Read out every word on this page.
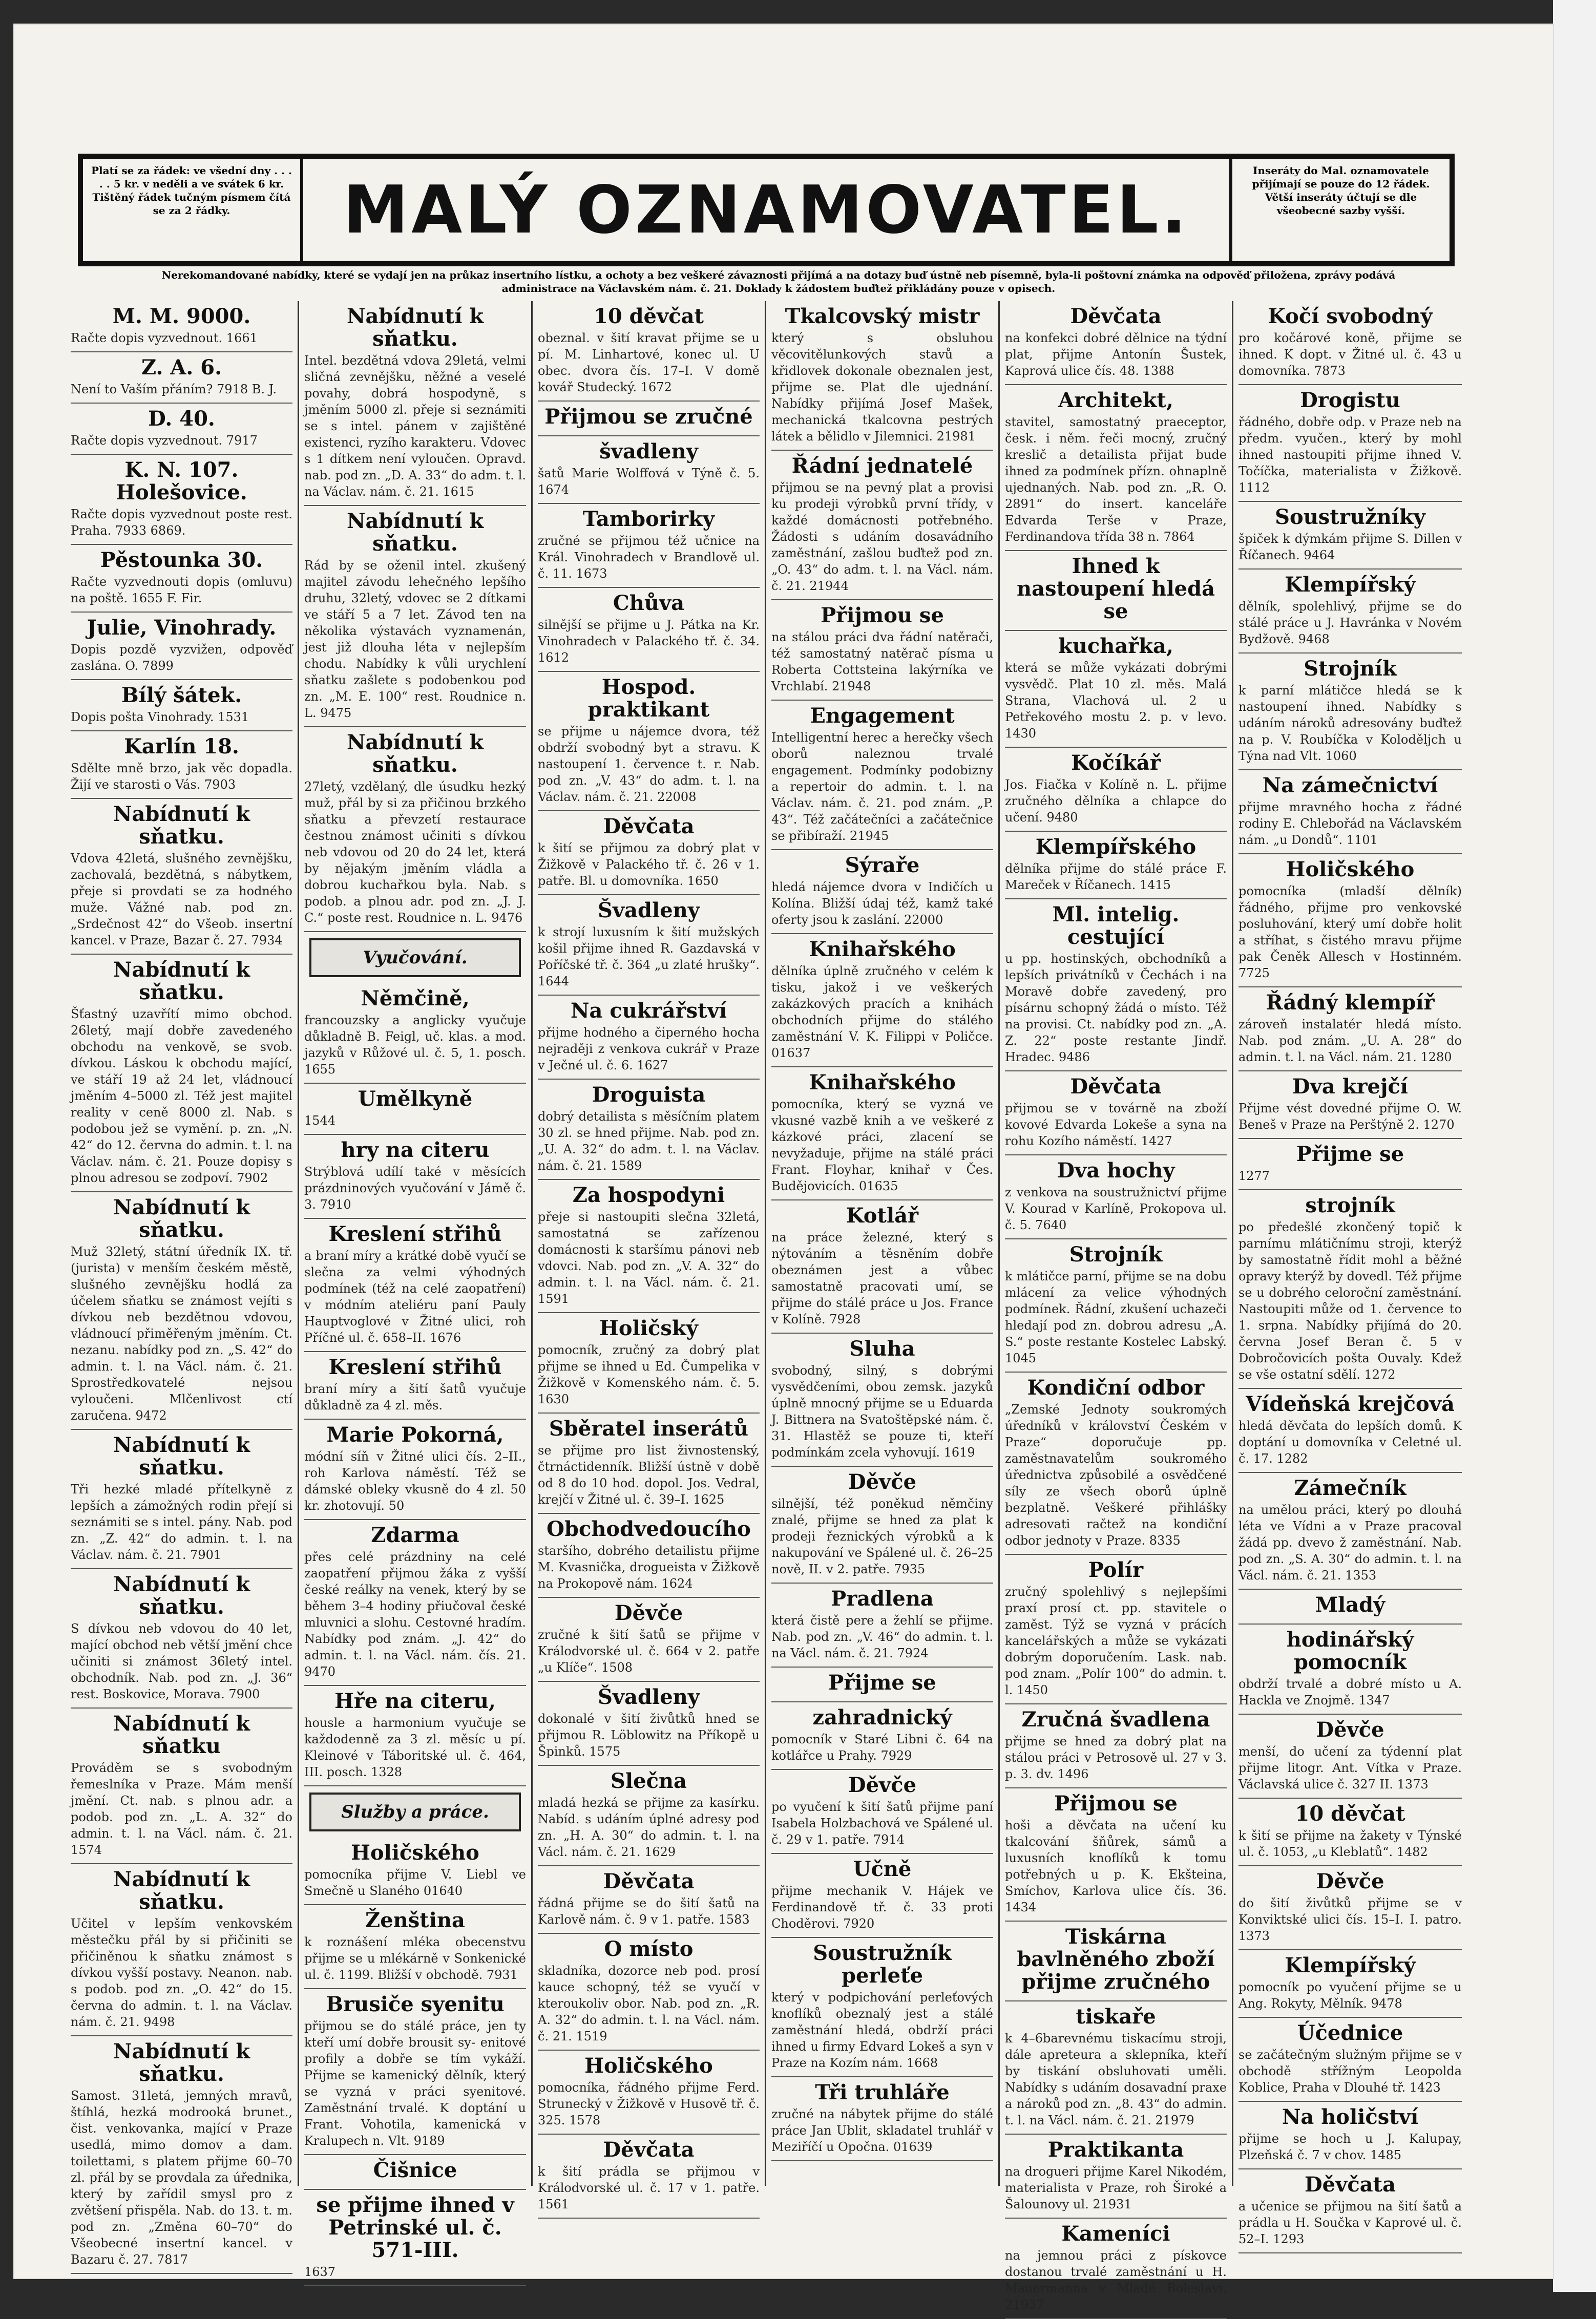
Platí se za řádek: ve všední dny . . . . . 5 kr. v neděli a ve svátek 6 kr. Tištěný řádek tučným písmem čítá se za 2 řádky.	MALÝ OZNAMOVATEL.
Inseráty do Mal. oznamovatele přijímají se pouze do 12 řádek. Větší inseráty účtují se dle všeobecné sazby vyšší.
Nerekomandované nabídky, které se vydají jen na průkaz insertního lístku, a ochoty a bez veškeré závaznosti přijímá a na dotazy buď ústně neb písemně, byla-li poštovní známka na odpověď přiložena, zprávy podává administrace na Václavském nám. č. 21. Doklady k žádostem buďtež přikládány pouze v opisech.
M. M. 9000.

Račte dopis vyzvednout. 1661

Z. A. 6.

Není to Vaším přáním? 7918 B. J.

D. 40.

Račte dopis vyzvednout. 7917

K. N. 107. Holešovice.

Račte dopis vyzvednout poste rest. Praha. 7933 6869.

Pěstounka 30.

Račte vyzvednouti dopis (omluvu) na poště. 1655 F. Fir.

Julie, Vinohrady.

Dopis pozdě vyzvižen, odpověď zaslána. O. 7899

Bílý šátek.

Dopis pošta Vinohrady. 1531

Karlín 18.

Sdělte mně brzo, jak věc dopadla. Žijí ve starosti o Vás. 7903

Nabídnutí k sňatku.

Vdova 42letá, slušného zevnějšku, zachovalá, bezdětná, s nábytkem, přeje si provdati se za hodného muže. Vážné nab. pod zn. „Srdečnost 42“ do Všeob. insertní kancel. v Praze, Bazar č. 27. 7934

Nabídnutí k sňatku.

Šťastný uzavřítí mimo obchod. 26letý, mají dobře zavedeného obchodu na venkově, se svob. dívkou. Láskou k obchodu mající, ve stáří 19 až 24 let, vládnoucí jměním 4–5000 zl. Též jest majitel reality v ceně 8000 zl. Nab. s podobou jež se vymění. p. zn. „N. 42“ do 12. června do admin. t. l. na Václav. nám. č. 21. Pouze dopisy s plnou adresou se zodpoví. 7902

Nabídnutí k sňatku.

Muž 32letý, státní úředník IX. tř. (jurista) v menším českém městě, slušného zevnějšku hodlá za účelem sňatku se známost vejíti s dívkou neb bezdětnou vdovou, vládnoucí přiměřeným jměním. Ct. nezanu. nabídky pod zn. „S. 42“ do admin. t. l. na Václ. nám. č. 21. Sprostředkovatelé nejsou vyloučeni. Mlčenlivost ctí zaručena. 9472

Nabídnutí k sňatku.

Tři hezké mladé přítelkyně z lepších a zámožných rodin přejí si seznámiti se s intel. pány. Nab. pod zn. „Z. 42“ do admin. t. l. na Václav. nám. č. 21. 7901

Nabídnutí k sňatku.

S dívkou neb vdovou do 40 let, mající obchod neb větší jmění chce učiniti si známost 36letý intel. obchodník. Nab. pod zn. „J. 36“ rest. Boskovice, Morava. 7900

Nabídnutí k sňatku

Prováděm se s svobodným řemeslníka v Praze. Mám menší jmění. Ct. nab. s plnou adr. a podob. pod zn. „L. A. 32“ do admin. t. l. na Václ. nám. č. 21. 1574

Nabídnutí k sňatku.

Učitel v lepším venkovském městečku přál by si přičiniti se přičiněnou k sňatku známost s dívkou vyšší postavy. Neanon. nab. s podob. pod zn. „O. 42“ do 15. června do admin. t. l. na Václav. nám. č. 21. 9498

Nabídnutí k sňatku.

Samost. 31letá, jemných mravů, štíhlá, hezká modrooká brunet., čist. venkovanka, mající v Praze usedlá, mimo domov a dam. toilettami, s platem přijme 60–70 zl. přál by se provdala za úřednika, který by zařídil smysl pro z zvětšení přispěla. Nab. do 13. t. m. pod zn. „Změna 60–70“ do Všeobecné insertní kancel. v Bazaru č. 27. 7817

Nabídnutí k sňatku.

Intel. bezdětná vdova 29letá, velmi sličná zevnějšku, něžné a veselé povahy, dobrá hospodyně, s jměním 5000 zl. přeje si seznámiti se s intel. pánem v zajištěné existenci, ryzího karakteru. Vdovec s 1 dítkem není vyloučen. Opravd. nab. pod zn. „D. A. 33“ do adm. t. l. na Václav. nám. č. 21. 1615

Nabídnutí k sňatku.

Rád by se oženil intel. zkušený majitel závodu lehečného lepšího druhu, 32letý, vdovec se 2 dítkami ve stáří 5 a 7 let. Závod ten na několika výstavách vyznamenán, jest již dlouha léta v nejlepším chodu. Nabídky k vůli urychlení sňatku zašlete s podobenkou pod zn. „M. E. 100“ rest. Roudnice n. L. 9475

Nabídnutí k sňatku.

27letý, vzdělaný, dle úsudku hezký muž, přál by si za přičinou brzkého sňatku a převzetí restaurace čestnou známost učiniti s dívkou neb vdovou od 20 do 24 let, která by nějakým jměním vládla a dobrou kuchařkou byla. Nab. s podob. a plnou adr. pod zn. „J. J. C.“ poste rest. Roudnice n. L. 9476

Vyučování.
Němčině,

francouzsky a anglicky vyučuje důkladně B. Feigl, uč. klas. a mod. jazyků v Růžové ul. č. 5, 1. posch. 1655

Umělkyně

1544

hry na citeru

Strýblová udílí také v měsících prázdninových vyučování v Jámě č. 3. 7910

Kreslení střihů

a braní míry a krátké době vyučí se slečna za velmi výhodných podmínek (též na celé zaopatření) v módním ateliéru paní Pauly Hauptvoglové v Žitné ulici, roh Příčné ul. č. 658–II. 1676

Kreslení střihů

braní míry a šití šatů vyučuje důkladně za 4 zl. měs.

Marie Pokorná,

módní síň v Žitné ulici čís. 2–II., roh Karlova náměstí. Též se dámské obleky vkusně do 4 zl. 50 kr. zhotovují. 50

Zdarma

přes celé prázdniny na celé zaopatření přijmou žáka z vyšší české reálky na venek, který by se během 3–4 hodiny přiučoval české mluvnici a slohu. Cestovné hradím. Nabídky pod znám. „J. 42“ do admin. t. l. na Václ. nám. čís. 21. 9470

Hře na citeru,

housle a harmonium vyučuje se každodenně za 3 zl. měsíc u pí. Kleinové v Táboritské ul. č. 464, III. posch. 1328

Služby a práce.
Holičského

pomocníka přijme V. Liebl ve Smečně u Slaného 01640

Ženština

k roznášení mléka obecenstvu přijme se u mlékárně v Sonkenické ul. č. 1199. Bližší v obchodě. 7931

Brusiče syenitu

přijmou se do stálé práce, jen ty kteří umí dobře brousit sy- enitové profily a dobře se tím vykáží. Přijme se kamenický dělník, který se vyzná v práci syenitové. Zaměstnání trvalé. K doptání u Frant. Vohotila, kamenická v Kralupech n. Vlt. 9189

Čišnice
se přijme ihned v Petrinské ul. č. 571-III.

1637

10 děvčat

obeznal. v šití kravat přijme se u pí. M. Linhartové, konec ul. U obec. dvora čís. 17–I. V domě kovář Studecký. 1672

Přijmou se zručné
švadleny

šatů Marie Wolffová v Týně č. 5. 1674

Tamborirky

zručné se přijmou též učnice na Král. Vinohradech v Brandlově ul. č. 11. 1673

Chůva

silnější se přijme u J. Pátka na Kr. Vinohradech v Palackého tř. č. 34. 1612

Hospod. praktikant

se přijme u nájemce dvora, též obdrží svobodný byt a stravu. K nastoupení 1. července t. r. Nab. pod zn. „V. 43“ do adm. t. l. na Václav. nám. č. 21. 22008

Děvčata

k šití se přijmou za dobrý plat v Žižkově v Palackého tř. č. 26 v 1. patře. Bl. u domovníka. 1650

Švadleny

k strojí luxusním k šití mužských košil přijme ihned R. Gazdavská v Poříčské tř. č. 364 „u zlaté hrušky“. 1644

Na cukrářství

přijme hodného a čiperného hocha nejraději z venkova cukrář v Praze v Ječné ul. č. 6. 1627

Droguista

dobrý detailista s měsíčním platem 30 zl. se hned přijme. Nab. pod zn. „U. A. 32“ do adm. t. l. na Václav. nám. č. 21. 1589

Za hospodyni

přeje si nastoupiti slečna 32letá, samostatná se zařízenou domácnosti k staršímu pánovi neb vdovci. Nab. pod zn. „V. A. 32“ do admin. t. l. na Václ. nám. č. 21. 1591

Holičský

pomocník, zručný za dobrý plat přijme se ihned u Ed. Čumpelika v Žižkově v Komenského nám. č. 5. 1630

Sběratel inserátů

se přijme pro list živnostenský, čtrnáctidenník. Bližší ústně v době od 8 do 10 hod. dopol. Jos. Vedral, krejčí v Žitné ul. č. 39–I. 1625

Obchodvedoucího

staršího, dobrého detailistu přijme M. Kvasnička, drogueista v Žižkově na Prokopově nám. 1624

Děvče

zručné k šití šatů se přijme v Králodvorské ul. č. 664 v 2. patře „u Klíče“. 1508

Švadleny

dokonalé v šití živůtků hned se přijmou R. Löblowitz na Příkopě u Špinků. 1575

Slečna

mladá hezká se přijme za kasírku. Nabíd. s udáním úplné adresy pod zn. „H. A. 30“ do admin. t. l. na Václ. nám. č. 21. 1629

Děvčata

řádná přijme se do šití šatů na Karlově nám. č. 9 v 1. patře. 1583

O místo

skladníka, dozorce neb pod. prosí kauce schopný, též se vyučí v kteroukoliv obor. Nab. pod zn. „R. A. 32“ do admin. t. l. na Václ. nám. č. 21. 1519

Holičského

pomocníka, řádného přijme Ferd. Strunecký v Žižkově v Husově tř. č. 325. 1578

Děvčata

k šití prádla se přijmou v Králodvorské ul. č. 17 v 1. patře. 1561

Tkalcovský mistr

který s obsluhou věcovitělunkových stavů a křidlovek dokonale obeznalen jest, přijme se. Plat dle ujednání. Nabídky přijímá Josef Mašek, mechanická tkalcovna pestrých látek a bělidlo v Jilemnici. 21981

Řádní jednatelé

přijmou se na pevný plat a provisi ku prodeji výrobků první třídy, v každé domácnosti potřebného. Žádosti s udáním dosavádního zaměstnání, zašlou buďtež pod zn. „O. 43“ do adm. t. l. na Václ. nám. č. 21. 21944

Přijmou se

na stálou práci dva řádní natěrači, též samostatný natěrač písma u Roberta Cottsteina lakýrníka ve Vrchlabí. 21948

Engagement

Intelligentní herec a herečky všech oborů naleznou trvalé engagement. Podmínky podobizny a repertoir do admin. t. l. na Václav. nám. č. 21. pod znám. „P. 43“. Též začátečníci a začátečnice se přibíraží. 21945

Sýraře

hledá nájemce dvora v Indičích u Kolína. Bližší údaj též, kamž také oferty jsou k zaslání. 22000

Knihařského

dělníka úplně zručného v celém k tisku, jakož i ve veškerých zakázkových pracích a knihách obchodních přijme do stálého zaměstnání V. K. Filippi v Poličce. 01637

Knihařského

pomocníka, který se vyzná ve vkusné vazbě knih a ve veškeré z kázkové práci, zlacení se nevyžaduje, přijme na stálé práci Frant. Floyhar, knihař v Čes. Budějovicích. 01635

Kotlář

na práce železné, který s nýtováním a těsněním dobře obeznámen jest a vůbec samostatně pracovati umí, se přijme do stálé práce u Jos. France v Kolíně. 7928

Sluha

svobodný, silný, s dobrými vysvědčeními, obou zemsk. jazyků úplně mnocný přijme se u Eduarda J. Bittnera na Svatoštěpské nám. č. 31. Hlastěž se pouze ti, kteří podmínkám zcela vyhovují. 1619

Děvče

silnější, též poněkud němčiny znalé, přijme se hned za plat k prodeji řeznických výrobků a k nakupování ve Spálené ul. č. 26–25 nově, II. v 2. patře. 7935

Pradlena

která čistě pere a žehlí se přijme. Nab. pod zn. „V. 46“ do admin. t. l. na Václ. nám. č. 21. 7924

Přijme se
zahradnický

pomocník v Staré Libni č. 64 na kotlářce u Prahy. 7929

Děvče

po vyučení k šití šatů přijme paní Isabela Holzbachová ve Spálené ul. č. 29 v 1. patře. 7914

Učně

přijme mechanik V. Hájek ve Ferdinandově tř. č. 33 proti Choděrovi. 7920

Soustružník perleťe

který v podpichování perleťových knoflíků obeznalý jest a stálé zaměstnání hledá, obdrží práci ihned u firmy Edvard Lokeš a syn v Praze na Kozím nám. 1668

Tři truhláře

zručné na nábytek přijme do stálé práce Jan Ublit, skladatel truhlář v Meziříčí u Opočna. 01639

Děvčata

na konfekci dobré dělnice na týdní plat, přijme Antonín Šustek, Kaprová ulice čís. 48. 1388

Architekt,

stavitel, samostatný praeceptor, česk. i něm. řeči mocný, zručný kreslič a detailista přijat bude ihned za podmínek přízn. ohnaplně ujednaných. Nab. pod zn. „R. O. 2891“ do insert. kanceláře Edvarda Terše v Praze, Ferdinandova třída 38 n. 7864

Ihned k nastoupení hledá se
kuchařka,

která se může vykázati dobrými vysvědč. Plat 10 zl. měs. Malá Strana, Vlachová ul. 2 u Petřekového mostu 2. p. v levo. 1430

Kočíkář

Jos. Fiačka v Kolíně n. L. přijme zručného dělníka a chlapce do učení. 9480

Klempířského

dělníka přijme do stálé práce F. Mareček v Říčanech. 1415

Ml. intelig. cestující

u pp. hostinských, obchodníků a lepších privátníků v Čechách i na Moravě dobře zavedený, pro písárnu schopný žádá o místo. Též na provisi. Ct. nabídky pod zn. „A. Z. 22“ poste restante Jindř. Hradec. 9486

Děvčata

přijmou se v továrně na zboží kovové Edvarda Lokeše a syna na rohu Kozího náměstí. 1427

Dva hochy

z venkova na soustružnictví přijme V. Kourad v Karlíně, Prokopova ul. č. 5. 7640

Strojník

k mlátičce parní, přijme se na dobu mlácení za velice výhodných podmínek. Řádní, zkušení uchazeči hledají pod zn. dobrou adresu „A. S.“ poste restante Kostelec Labský. 1045

Kondiční odbor

„Zemské Jednoty soukromých úředníků v království Českém v Praze“ doporučuje pp. zaměstnavatelům soukromého úřednictva způsobilé a osvědčené síly ze všech oborů úplně bezplatně. Veškeré přihlášky adresovati račtež na kondiční odbor jednoty v Praze. 8335

Polír

zručný spolehlivý s nejlepšími praxí prosí ct. pp. stavitele o zaměst. Týž se vyzná v prácích kancelářských a může se vykázati dobrým doporučením. Lask. nab. pod znam. „Polír 100“ do admin. t. l. 1450

Zručná švadlena

přijme se hned za dobrý plat na stálou práci v Petrosově ul. 27 v 3. p. 3. dv. 1496

Přijmou se

hoši a děvčata na učení ku tkalcování šňůrek, sámů a luxusních knoflíků k tomu potřebných u p. K. Ekšteina, Smíchov, Karlova ulice čís. 36. 1434

Tiskárna bavlněného zboží přijme zručného
tiskaře

k 4–6barevnému tiskacímu stroji, dále apreteura a sklepníka, kteří by tiskání obsluhovati uměli. Nabídky s udáním dosavadní praxe a nároků pod zn. „8. 43“ do admin. t. l. na Václ. nám. č. 21. 21979

Praktikanta

na drogueri přijme Karel Nikodém, materialista v Praze, roh Široké a Šalounovy ul. 21931

Kameníci

na jemnou práci z pískovce dostanou trvalé zaměstnání u H. Mauermanna v Mladé Boleslavi. 21937

Kočí svobodný

pro kočárové koně, přijme se ihned. K dopt. v Žitné ul. č. 43 u domovníka. 7873

Drogistu

řádného, dobře odp. v Praze neb na předm. vyučen., který by mohl ihned nastoupiti přijme ihned V. Točíčka, materialista v Žižkově. 1112

Soustružníky

špiček k dýmkám přijme S. Dillen v Říčanech. 9464

Klempířský

dělník, spolehlivý, přijme se do stálé práce u J. Havránka v Novém Bydžově. 9468

Strojník

k parní mlátičce hledá se k nastoupení ihned. Nabídky s udáním nároků adresovány buďtež na p. V. Roubíčka v Koloděljch u Týna nad Vlt. 1060

Na zámečnictví

přijme mravného hocha z řádné rodiny E. Chlebořád na Václavském nám. „u Dondů“. 1101

Holičského

pomocníka (mladší dělník) řádného, přijme pro venkovské posluhování, který umí dobře holit a stříhat, s čistého mravu přijme pak Čeněk Allesch v Hostinném. 7725

Řádný klempíř

zároveň instalatér hledá místo. Nab. pod znám. „U. A. 28“ do admin. t. l. na Václ. nám. 21. 1280

Dva krejčí

Přijme vést dovedné přijme O. W. Beneš v Praze na Perštýně 2. 1270

Přijme se

1277

strojník

po předešlé zkončený topič k parnímu mlátičnímu stroji, kterýž by samostatně řídit mohl a běžné opravy kterýž by dovedl. Též přijme se u dobrého celoroční zaměstnání. Nastoupiti může od 1. července to 1. srpna. Nabídky přijímá do 20. června Josef Beran č. 5 v Dobročovicích pošta Ouvaly. Kdež se vše ostatní sdělí. 1272

Vídeňská krejčová

hledá děvčata do lepších domů. K doptání u domovníka v Celetné ul. č. 17. 1282

Zámečník

na umělou práci, který po dlouhá léta ve Vídni a v Praze pracoval žádá pp. dvevo ž zaměstnání. Nab. pod zn. „S. A. 30“ do admin. t. l. na Václ. nám. č. 21. 1353

Mladý
hodinářský pomocník

obdrží trvalé a dobré místo u A. Hackla ve Znojmě. 1347

Děvče

menší, do učení za týdenní plat přijme litogr. Ant. Vítka v Praze. Václavská ulice č. 327 II. 1373

10 děvčat

k šití se přijme na žakety v Týnské ul. č. 1053, „u Kleblatů“. 1482

Děvče

do šití živůtků přijme se v Konviktské ulici čís. 15–I. I. patro. 1373

Klempířský

pomocník po vyučení přijme se u Ang. Rokyty, Mělník. 9478

Účednice

se začátečným služným přijme se v obchodě střížným Leopolda Koblice, Praha v Dlouhé tř. 1423

Na holičství

přijme se hoch u J. Kalupay, Plzeňská č. 7 v chov. 1485

Děvčata

a učenice se přijmou na šití šatů a prádla u H. Součka v Kaprové ul. č. 52–I. 1293
